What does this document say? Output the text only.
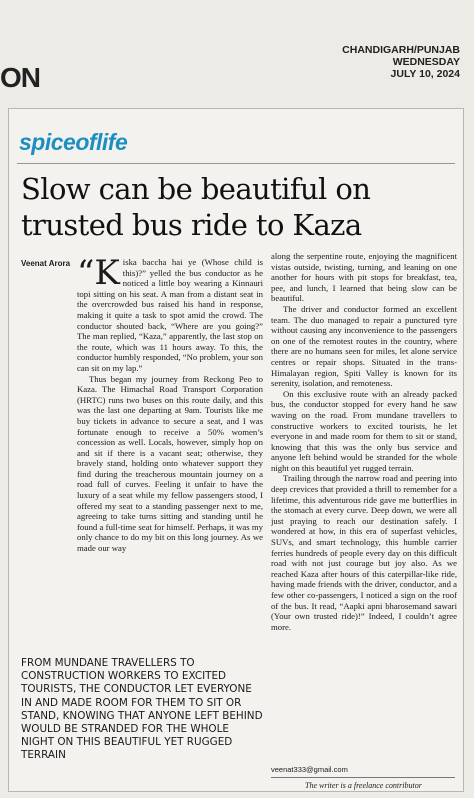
ON
CHANDIGARH/PUNJAB
WEDNESDAY
JULY 10, 2024
spiceoflife
Slow can be beautiful on trusted bus ride to Kaza
Veenat Arora “K iska baccha hai ye (Whose child is this)?” yelled the bus conductor as he noticed a little boy wearing a Kinnauri topi sitting on his seat. A man from a distant seat in the overcrowded bus raised his hand in response, making it quite a task to spot amid the crowd. The conductor shouted back, “Where are you going?” The man replied, “Kaza,” apparently, the last stop on the route, which was 11 hours away. To this, the conductor humbly responded, “No problem, your son can sit on my lap.”

Thus began my journey from Reckong Peo to Kaza. The Himachal Road Transport Corporation (HRTC) runs two buses on this route daily, and this was the last one departing at 9am. Tourists like me buy tickets in advance to secure a seat, and I was fortunate enough to receive a 50% women’s concession as well. Locals, however, simply hop on and sit if there is a vacant seat; otherwise, they bravely stand, holding onto whatever support they find during the treacherous mountain journey on a road full of curves. Feeling it unfair to have the luxury of a seat while my fellow passengers stood, I offered my seat to a standing passenger next to me, agreeing to take turns sitting and standing until he found a full-time seat for himself. Perhaps, it was my only chance to do my bit on this long journey. As we made our way

FROM MUNDANE TRAVELLERS TO CONSTRUCTION WORKERS TO EXCITED TOURISTS, THE CONDUCTOR LET EVERYONE IN AND MADE ROOM FOR THEM TO SIT OR STAND, KNOWING THAT ANYONE LEFT BEHIND WOULD BE STRANDED FOR THE WHOLE NIGHT ON THIS BEAUTIFUL YET RUGGED TERRAIN

along the serpentine route, enjoying the magnificent vistas outside, twisting, turning, and leaning on one another for hours with pit stops for breakfast, tea, pee, and lunch, I learned that being slow can be beautiful.

The driver and conductor formed an excellent team. The duo managed to repair a punctured tyre without causing any inconvenience to the passengers on one of the remotest routes in the country, where there are no humans seen for miles, let alone service centres or repair shops. Situated in the trans-Himalayan region, Spiti Valley is known for its serenity, isolation, and remoteness.

On this exclusive route with an already packed bus, the conductor stopped for every hand he saw waving on the road. From mundane travellers to constructive workers to excited tourists, he let everyone in and made room for them to sit or stand, knowing that this was the only bus service and anyone left behind would be stranded for the whole night on this beautiful yet rugged terrain.

Trailing through the narrow road and peering into deep crevices that provided a thrill to remember for a lifetime, this adventurous ride gave me butterflies in the stomach at every curve. Deep down, we were all just praying to reach our destination safely. I wondered at how, in this era of superfast vehicles, SUVs, and smart technology, this humble carrier ferries hundreds of people every day on this difficult road with not just courage but joy also. As we reached Kaza after hours of this caterpillar-like ride, having made friends with the driver, conductor, and a few other co-passengers, I noticed a sign on the roof of the bus. It read, “Aapki apni bharosemand sawari (Your own trusted ride)!” Indeed, I couldn’t agree more.

veenat333@gmail.com
The writer is a freelance contributor
